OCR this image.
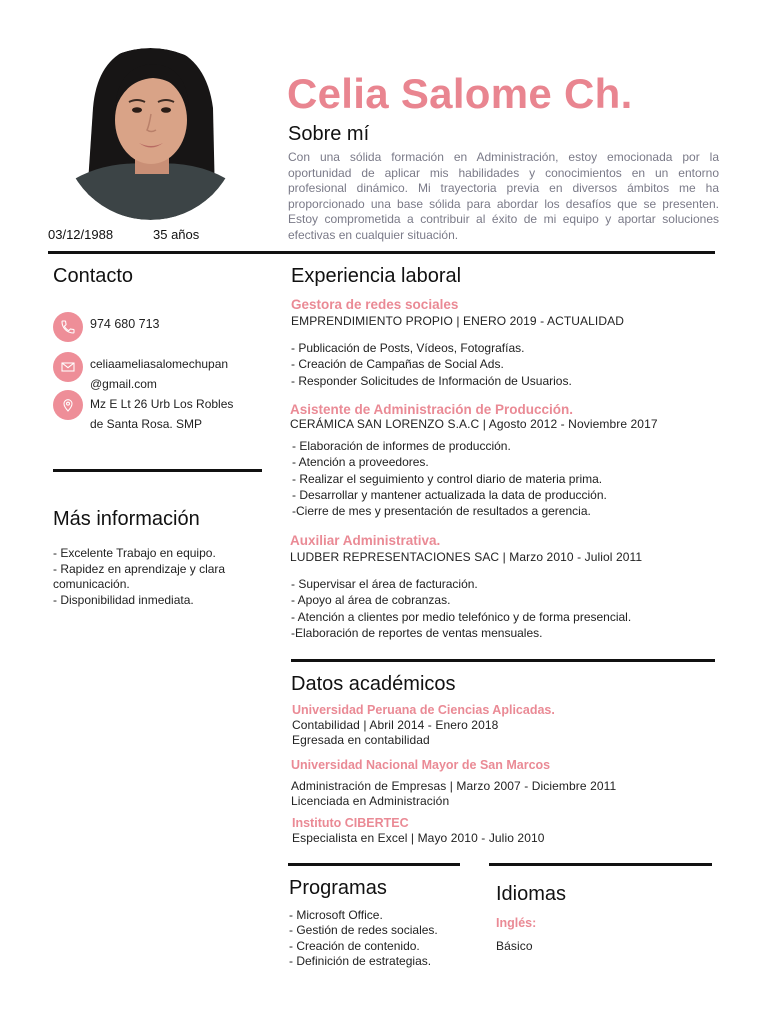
03/12/1988	35 años
Celia Salome Ch.
Sobre mí
Con una sólida formación en Administración, estoy emocionada por la oportunidad de aplicar mis habilidades y conocimientos en un entorno profesional dinámico. Mi trayectoria previa en diversos ámbitos me ha proporcionado una base sólida para abordar los desafíos que se presenten. Estoy comprometida a contribuir al éxito de mi equipo y aportar soluciones efectivas en cualquier situación.
Contacto
974 680 713
celiaameliasalomechupan
@gmail.com
Mz E Lt 26 Urb Los Robles
de Santa Rosa. SMP
Más información
- Excelente Trabajo en equipo.
- Rapidez en aprendizaje y clara
comunicación.
- Disponibilidad inmediata.
Experiencia laboral
Gestora de redes sociales
EMPRENDIMIENTO PROPIO | ENERO 2019 - ACTUALIDAD
- Publicación de Posts, Vídeos, Fotografías.
- Creación de Campañas de Social Ads.
- Responder Solicitudes de Información de Usuarios.
Asistente de Administración de Producción.
CERÁMICA SAN LORENZO S.A.C | Agosto 2012 - Noviembre 2017
- Elaboración de informes de producción.
- Atención a proveedores.
- Realizar el seguimiento y control diario de materia prima.
- Desarrollar y mantener actualizada la data de producción.
-Cierre de mes y presentación de resultados a gerencia.
Auxiliar Administrativa.
LUDBER REPRESENTACIONES SAC | Marzo 2010 - Juliol 2011
- Supervisar el área de facturación.
- Apoyo al área de cobranzas.
- Atención a clientes por medio telefónico y de forma presencial.
-Elaboración de reportes de ventas mensuales.
Datos académicos
Universidad Peruana de Ciencias Aplicadas.
Contabilidad | Abril 2014 - Enero 2018
Egresada en contabilidad
Universidad Nacional Mayor de San Marcos
Administración de Empresas | Marzo 2007 - Diciembre 2011
Licenciada en Administración
Instituto CIBERTEC
Especialista en Excel | Mayo 2010 - Julio 2010
Programas
- Microsoft Office.
- Gestión de redes sociales.
- Creación de contenido.
- Definición de estrategias.
Idiomas
Inglés:
Básico
